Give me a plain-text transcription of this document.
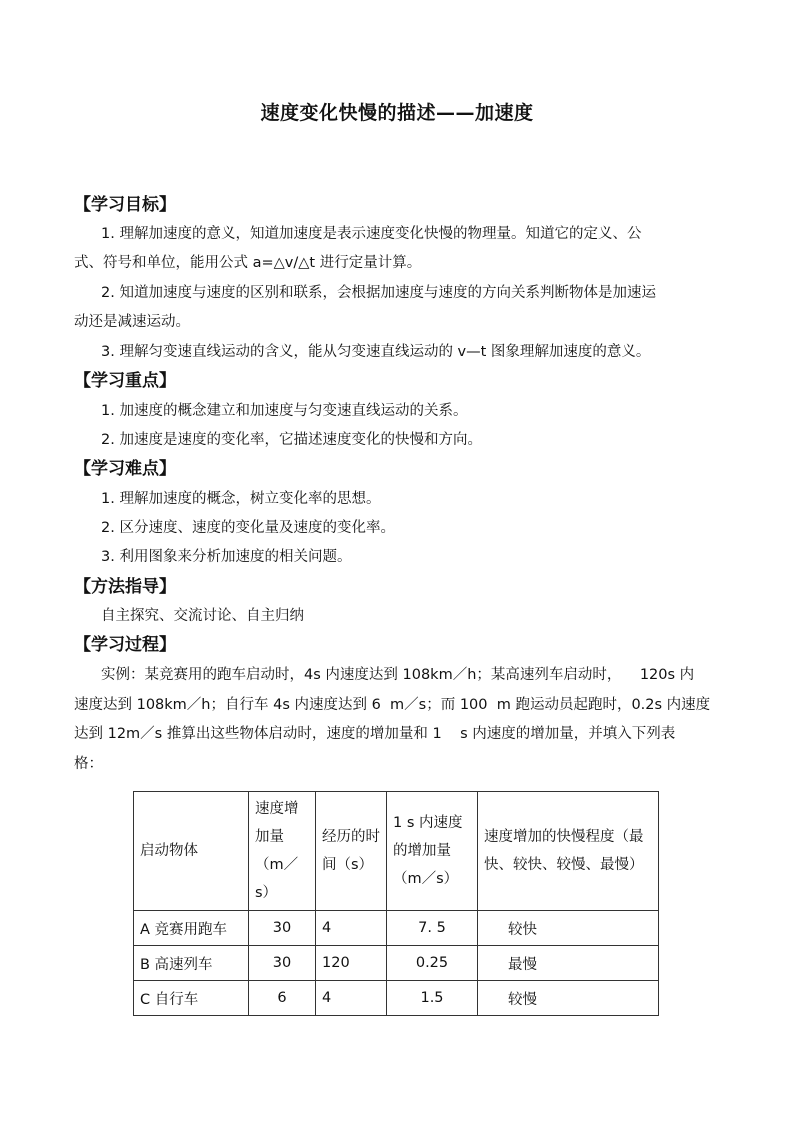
速度变化快慢的描述——加速度
【学习目标】
1. 理解加速度的意义，知道加速度是表示速度变化快慢的物理量。知道它的定义、公
式、符号和单位，能用公式 a=△v/△t 进行定量计算。
2. 知道加速度与速度的区别和联系，会根据加速度与速度的方向关系判断物体是加速运
动还是减速运动。
3. 理解匀变速直线运动的含义，能从匀变速直线运动的 v—t 图象理解加速度的意义。
【学习重点】
1. 加速度的概念建立和加速度与匀变速直线运动的关系。
2. 加速度是速度的变化率，它描述速度变化的快慢和方向。
【学习难点】
1. 理解加速度的概念，树立变化率的思想。
2. 区分速度、速度的变化量及速度的变化率。
3. 利用图象来分析加速度的相关问题。
【方法指导】
自主探究、交流讨论、自主归纳
【学习过程】
实例：某竞赛用的跑车启动时，4s 内速度达到 108km／h；某高速列车启动时，    120s 内
速度达到 108km／h；自行车 4s 内速度达到 6  m／s；而 100  m 跑运动员起跑时，0.2s 内速度
达到 12m／s 推算出这些物体启动时，速度的增加量和 1    s 内速度的增加量，并填入下列表
格：
启动物体	速度增加量（m／s）	经历的时间（s）	1 s 内速度的增加量（m／s）	速度增加的快慢程度（最快、较快、较慢、最慢）
A 竞赛用跑车	30	4	7. 5	较快
B 高速列车	30	120	0.25	最慢
C 自行车	6	4	1.5	较慢
